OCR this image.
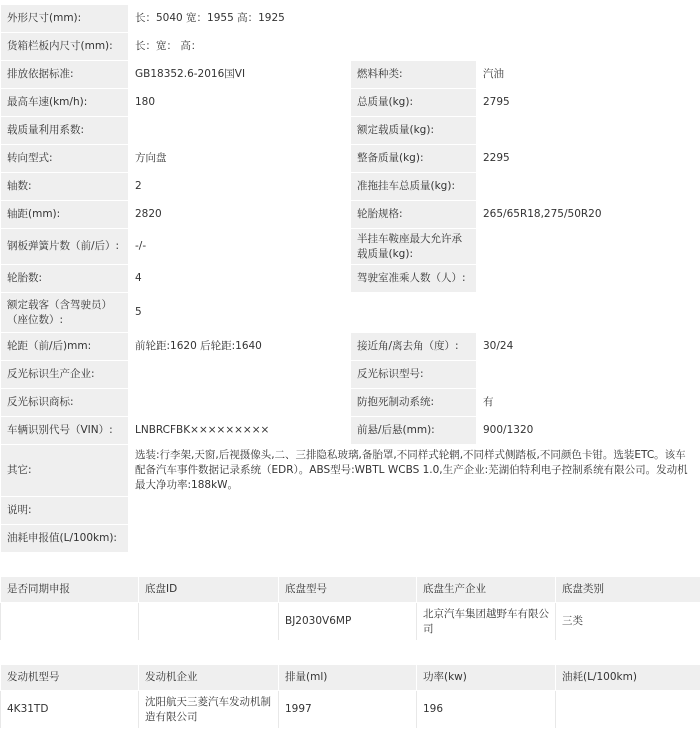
外形尺寸(mm):	长：5040 宽：1955 高：1925		
货箱栏板内尺寸(mm):	长：宽： 高：		
排放依据标准:	GB18352.6-2016国VI	燃料种类:	汽油
最高车速(km/h):	180	总质量(kg):	2795
载质量利用系数:		额定载质量(kg):	
转向型式:	方向盘	整备质量(kg):	2295
轴数:	2	准拖挂车总质量(kg):	
轴距(mm):	2820	轮胎规格:	265/65R18,275/50R20
钢板弹簧片数（前/后）:	-/-	半挂车鞍座最大允许承载质量(kg):	
轮胎数:	4	驾驶室准乘人数（人）:	
额定载客（含驾驶员）（座位数）:	5		
轮距（前/后)mm:	前轮距:1620 后轮距:1640	接近角/离去角（度）:	30/24
反光标识生产企业:		反光标识型号:	
反光标识商标:		防抱死制动系统:	有
车辆识别代号（VIN）:	LNBRCFBK×××××××××	前悬/后悬(mm):	900/1320
其它:	选装:行李架,天窗,后视摄像头,二、三排隐私玻璃,备胎罩,不同样式轮辋,不同样式侧踏板,不同颜色卡钳。选装ETC。该车配备汽车事件数据记录系统（EDR）。ABS型号:WBTL WCBS 1.0,生产企业:芜湖伯特利电子控制系统有限公司。发动机最大净功率:188kW。		
说明:			
油耗申报值(L/100km):			
是否同期申报	底盘ID	底盘型号	底盘生产企业	底盘类别
		BJ2030V6MP	北京汽车集团越野车有限公司	三类
发动机型号	发动机企业	排量(ml)	功率(kw)	油耗(L/100km)
4K31TD	沈阳航天三菱汽车发动机制造有限公司	1997	196	
